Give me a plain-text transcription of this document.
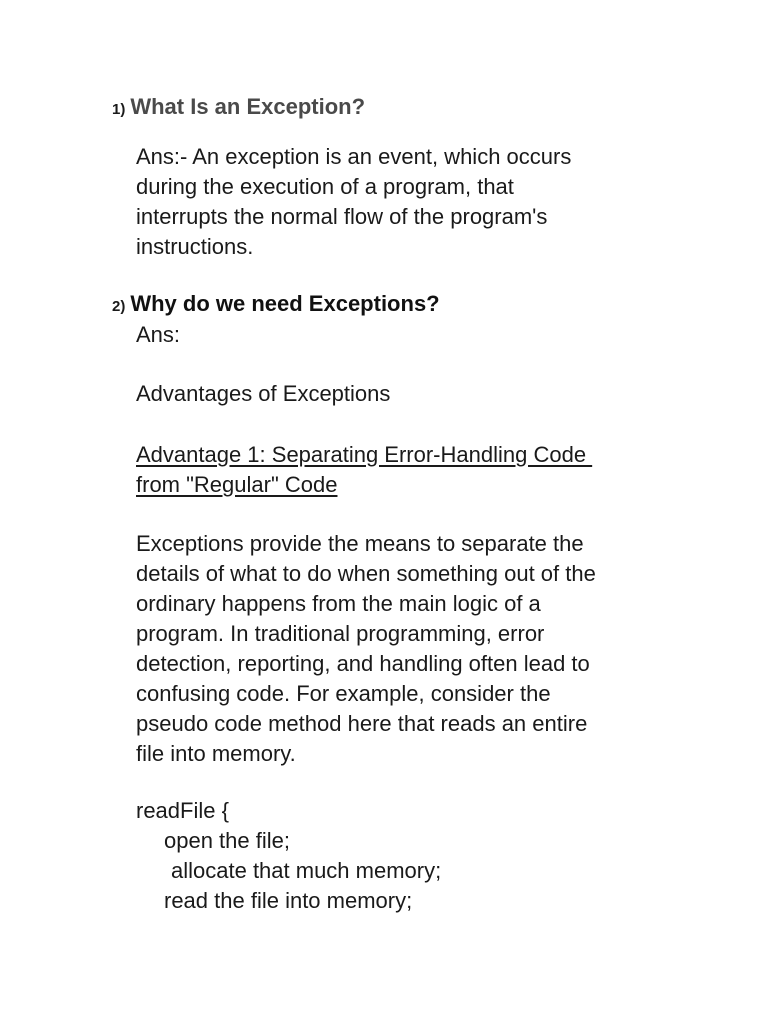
1) What Is an Exception?
Ans:- An exception is an event, which occurs
during the execution of a program, that
interrupts the normal flow of the program's
instructions.
2) Why do we need Exceptions?
Ans:
Advantages of Exceptions
Advantage 1: Separating Error-Handling Code
from "Regular" Code
Exceptions provide the means to separate the
details of what to do when something out of the
ordinary happens from the main logic of a
program. In traditional programming, error
detection, reporting, and handling often lead to
confusing code. For example, consider the
pseudo code method here that reads an entire
file into memory.
readFile {
open the file;
allocate that much memory;
read the file into memory;
